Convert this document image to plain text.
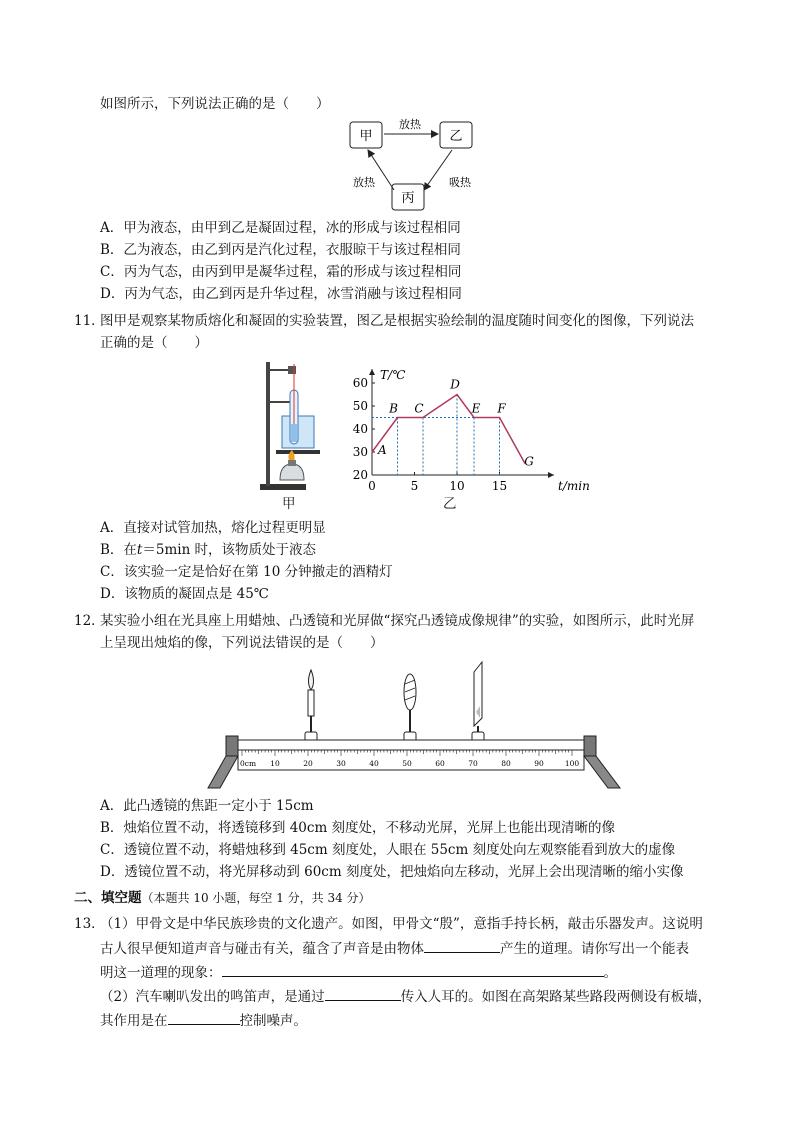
如图所示，下列说法正确的是（　　）
甲	乙
丙
放热
吸热
放热
A．甲为液态，由甲到乙是凝固过程，冰的形成与该过程相同
B．乙为液态，由乙到丙是汽化过程，衣服晾干与该过程相同
C．丙为气态，由丙到甲是凝华过程，霜的形成与该过程相同
D．丙为气态，由乙到丙是升华过程，冰雪消融与该过程相同
11．
图甲是观察某物质熔化和凝固的实验装置，图乙是根据实验绘制的温度随时间变化的图像，下列说法
正确的是（　　）
甲
20
30
40
50
60
0	5	10 15
T/℃
t/min
A
B C
D
E F
G
乙
A．直接对试管加热，熔化过程更明显
B．在t＝5min 时，该物质处于液态
C．该实验一定是恰好在第 10 分钟撤走的酒精灯
D．该物质的凝固点是 45℃
12．
某实验小组在光具座上用蜡烛、凸透镜和光屏做“探究凸透镜成像规律”的实验，如图所示，此时光屏
上呈现出烛焰的像，下列说法错误的是（　　）
0cm 10	20	30	40	50	60	70	80	90	100
A．此凸透镜的焦距一定小于 15cm
B．烛焰位置不动，将透镜移到 40cm 刻度处，不移动光屏，光屏上也能出现清晰的像
C．透镜位置不动，将蜡烛移到 45cm 刻度处，人眼在 55cm 刻度处向左观察能看到放大的虚像
D．透镜位置不动，将光屏移动到 60cm 刻度处，把烛焰向左移动，光屏上会出现清晰的缩小实像
二、填空题（本题共 10 小题，每空 1 分，共 34 分）
13．
（1）甲骨文是中华民族珍贵的文化遗产。如图，甲骨文“殷”，意指手持长柄，敲击乐器发声。这说明
古人很早便知道声音与碰击有关，蕴含了声音是由物体	产生的道理。请你写出一个能表
明这一道理的现象：	。
（2）汽车喇叭发出的鸣笛声，是通过	传入人耳的。如图在高架路某些路段两侧设有板墙，
其作用是在	控制噪声。
